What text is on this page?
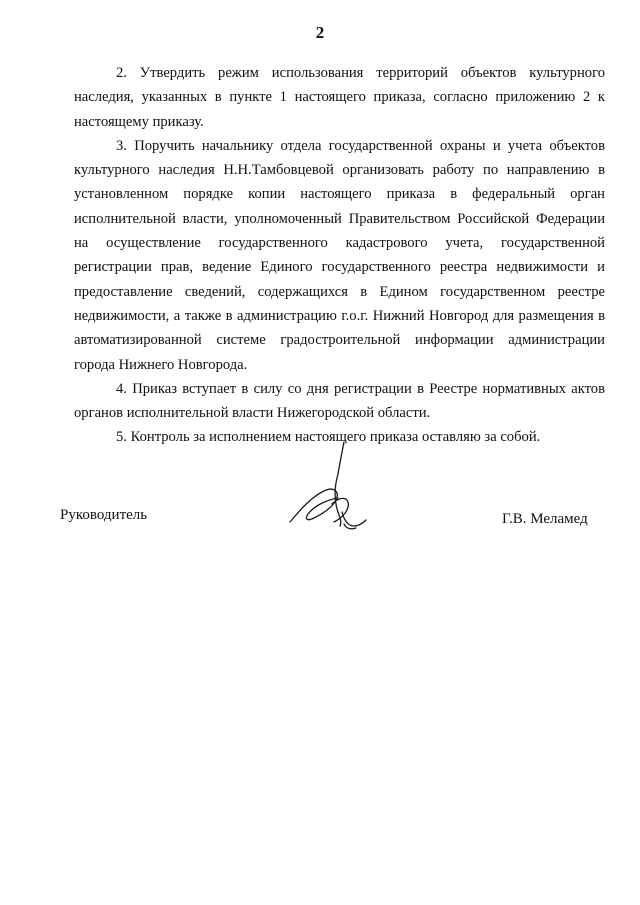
2

2. Утвердить режим использования территорий объектов культурного наследия, указанных в пункте 1 настоящего приказа, согласно приложению 2 к настоящему приказу.

3. Поручить начальнику отдела государственной охраны и учета объектов культурного наследия Н.Н.Тамбовцевой организовать работу по направлению в установленном порядке копии настоящего приказа в федеральный орган исполнительной власти, уполномоченный Правительством Российской Федерации на осуществление государственного кадастрового учета, государственной регистрации прав, ведение Единого государственного реестра недвижимости и предоставление сведений, содержащихся в Едином государственном реестре недвижимости, а также в администрацию г.о.г. Нижний Новгород для размещения в автоматизированной системе градостроительной информации администрации города Нижнего Новгорода.

4. Приказ вступает в силу со дня регистрации в Реестре нормативных актов органов исполнительной власти Нижегородской области.

5. Контроль за исполнением настоящего приказа оставляю за собой.

Руководитель	Г.В. Меламед
